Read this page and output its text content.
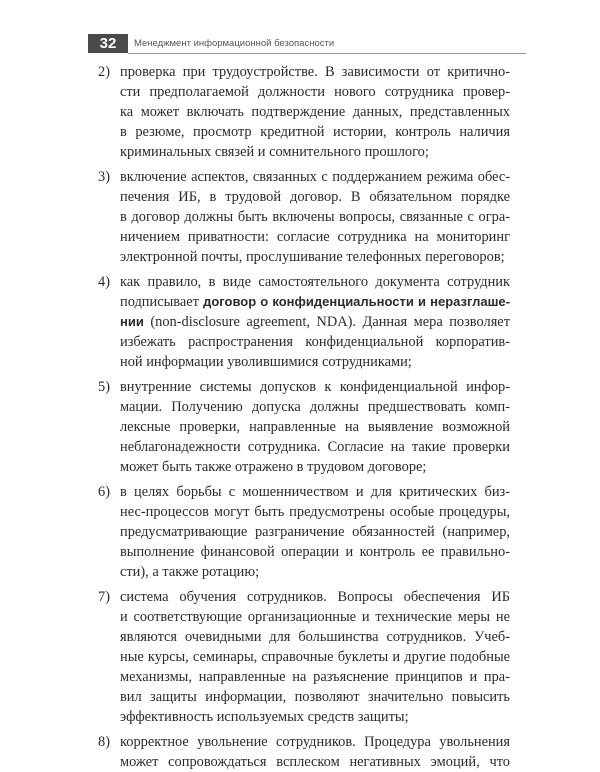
32	Менеджмент информационной безопасности
2) проверка при трудоустройстве. В зависимости от критично-
сти предполагаемой должности нового сотрудника провер-
ка может включать подтверждение данных, представленных
в резюме, просмотр кредитной истории, контроль наличия
криминальных связей и сомнительного прошлого;
3) включение аспектов, связанных с поддержанием режима обес-
печения ИБ, в трудовой договор. В обязательном порядке
в договор должны быть включены вопросы, связанные с огра-
ничением приватности: согласие сотрудника на мониторинг
электронной почты, прослушивание телефонных переговоров;
4) как правило, в виде самостоятельного документа сотрудник
подписывает договор о конфиденциальности и неразглаше-
нии (non-disclosure agreement, NDA). Данная мера позволяет
избежать распространения конфиденциальной корпоратив-
ной информации уволившимися сотрудниками;
5) внутренние системы допусков к конфиденциальной инфор-
мации. Получению допуска должны предшествовать комп-
лексные проверки, направленные на выявление возможной
неблагонадежности сотрудника. Согласие на такие проверки
может быть также отражено в трудовом договоре;
6) в целях борьбы с мошенничеством и для критических биз-
нес-процессов могут быть предусмотрены особые процедуры,
предусматривающие разграничение обязанностей (например,
выполнение финансовой операции и контроль ее правильно-
сти), а также ротацию;
7) система обучения сотрудников. Вопросы обеспечения ИБ
и соответствующие организационные и технические меры не
являются очевидными для большинства сотрудников. Учеб-
ные курсы, семинары, справочные буклеты и другие подобные
механизмы, направленные на разъяснение принципов и пра-
вил защиты информации, позволяют значительно повысить
эффективность используемых средств защиты;
8) корректное увольнение сотрудников. Процедура увольнения
может сопровождаться всплеском негативных эмоций, что
